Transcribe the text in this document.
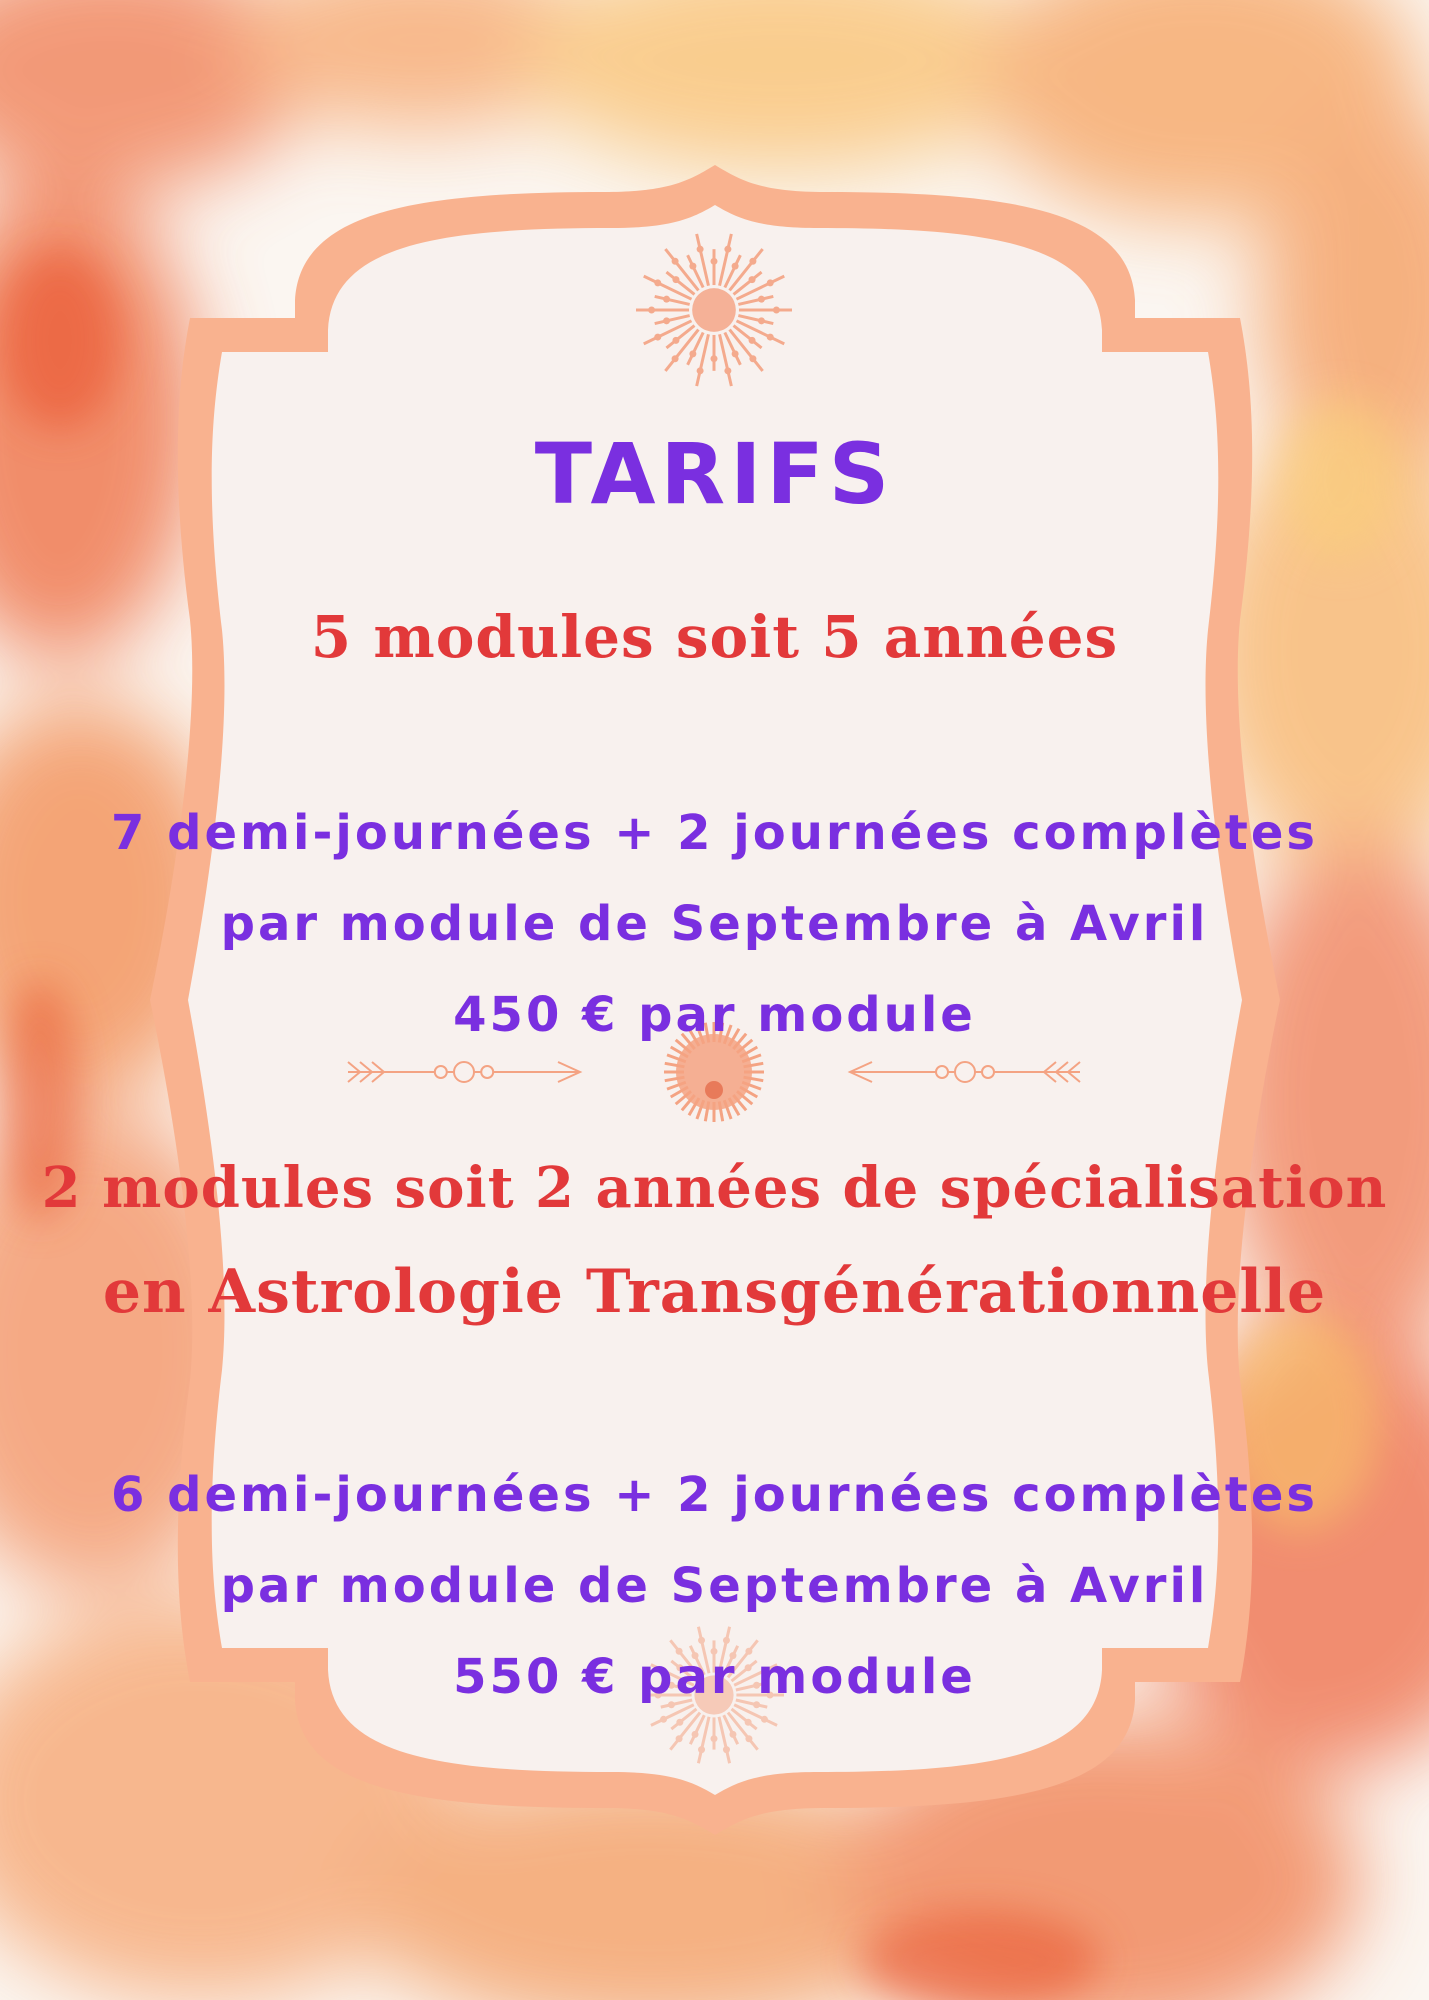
TARIFS
5 modules soit 5 années
7 demi-journées + 2 journées complètes
par module de Septembre à Avril
450 € par module
2 modules soit 2 années de spécialisation
en Astrologie Transgénérationnelle
6 demi-journées + 2 journées complètes
par module de Septembre à Avril
550 € par module
